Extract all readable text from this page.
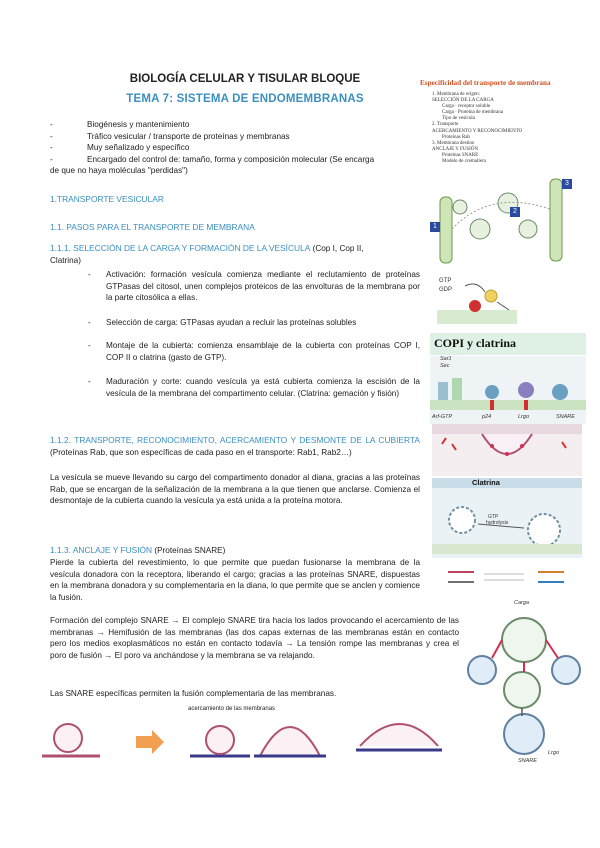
BIOLOGÍA CELULAR Y TISULAR BLOQUE
TEMA 7: SISTEMA DE ENDOMEMBRANAS
-	Biogénesis y mantenimiento
-	Tráfico vesicular / transporte de proteínas y membranas
-	Muy señalizado y específico
-	Encargado del control de: tamaño, forma y composición molecular (Se encarga
de que no haya moléculas "perdidas")
1.TRANSPORTE VESICULAR
1.1. PASOS PARA EL TRANSPORTE DE MEMBRANA
1.1.1. SELECCIÓN DE LA CARGA Y FORMACIÓN DE LA VESÍCULA (Cop I, Cop II,
Clatrina)
-	Activación: formación vesícula comienza mediante el reclutamiento de proteínas GTPasas del citosol, unen complejos proteicos de las envolturas de la membrana por la parte citosólica a ellas.
-	Selección de carga: GTPasas ayudan a recluir las proteínas solubles
-	Montaje de la cubierta: comienza ensamblaje de la cubierta con proteínas COP I, COP II o clatrina (gasto de GTP).
-	Maduración y corte: cuando vesícula ya está cubierta comienza la escisión de la vesícula de la membrana del compartimento celular. (Clatrina: gemación y fisión)
1.1.2. TRANSPORTE, RECONOCIMIENTO, ACERCAMIENTO Y DESMONTE DE LA CUBIERTA (Proteínas Rab, que son específicas de cada paso en el transporte: Rab1, Rab2…)
La vesícula se mueve llevando su cargo del compartimento donador al diana, gracias a las proteínas Rab, que se encargan de la señalización de la membrana a la que tienen que anclarse. Comienza el desmontaje de la cubierta cuando la vesícula ya está unida a la proteína motora.
1.1.3. ANCLAJE Y FUSIÓN (Proteínas SNARE)
Pierde la cubierta del revestimiento, lo que permite que puedan fusionarse la membrana de la vesícula donadora con la receptora, liberando el cargo; gracias a las proteínas SNARE, dispuestas en la membrana donadora y su complementaria en la diana, lo que permite que se anclen y comience la fusión.
Formación del complejo SNARE → El complejo SNARE tira hacia los lados provocando el acercamiento de las membranas → Hemifusión de las membranas (las dos capas externas de las membranas están en contacto pero los medios exoplasmáticos no están en contacto todavía → La tensión rompe las membranas y crea el poro de fusión → El poro va anchándose y la membrana se va relajando.
Las SNARE específicas permiten la fusión complementaria de las membranas.
Especificidad del transporte de membrana
1. Membrana de origen:
SELECCIÓN DE LA CARGA
Carga · receptor soluble
Carga · Proteína de membrana
Tipo de vesícula
2. Transporte
ACERCAMIENTO Y RECONOCIMIENTO
Proteínas Rab
3. Membrana destino
ANCLAJE Y FUSIÓN
Proteínas SNARE
Modelo de cremallera
1
2
3
GTP
GDP
COPI y clatrina
Sar1
Sec
Arf-GTP	p24	Lrgo	SNARE
Clatrina
GTP
hydrolysis
Carga
Lrgo
SNARE
acercamiento de las membranas
